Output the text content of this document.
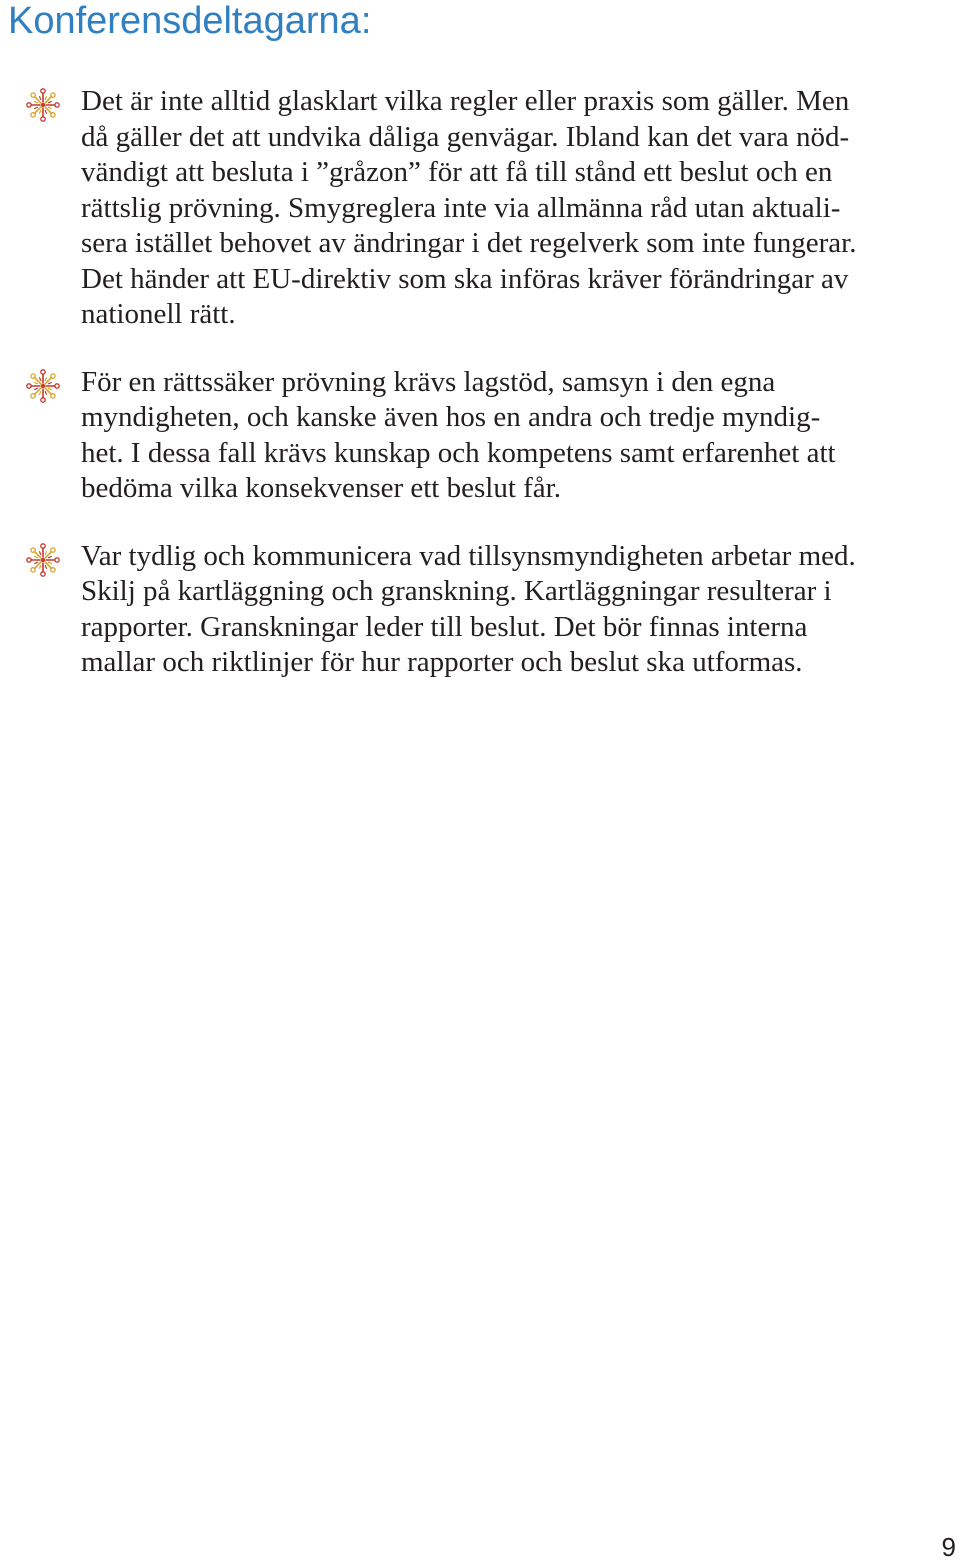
Konferensdeltagarna:

Det är inte alltid glasklart vilka regler eller praxis som gäller. Men
då gäller det att undvika dåliga genvägar. Ibland kan det vara nöd-
vändigt att besluta i ”gråzon” för att få till stånd ett beslut och en
rättslig prövning. Smygreglera inte via allmänna råd utan aktuali-
sera istället behovet av ändringar i det regelverk som inte fungerar.
Det händer att EU-direktiv som ska införas kräver förändringar av
nationell rätt.

För en rättssäker prövning krävs lagstöd, samsyn i den egna
myndigheten, och kanske även hos en andra och tredje myndig-
het. I dessa fall krävs kunskap och kompetens samt erfarenhet att
bedöma vilka konsekvenser ett beslut får.

Var tydlig och kommunicera vad tillsynsmyndigheten arbetar med.
Skilj på kartläggning och granskning. Kartläggningar resulterar i
rapporter. Granskningar leder till beslut. Det bör finnas interna
mallar och riktlinjer för hur rapporter och beslut ska utformas.

9
